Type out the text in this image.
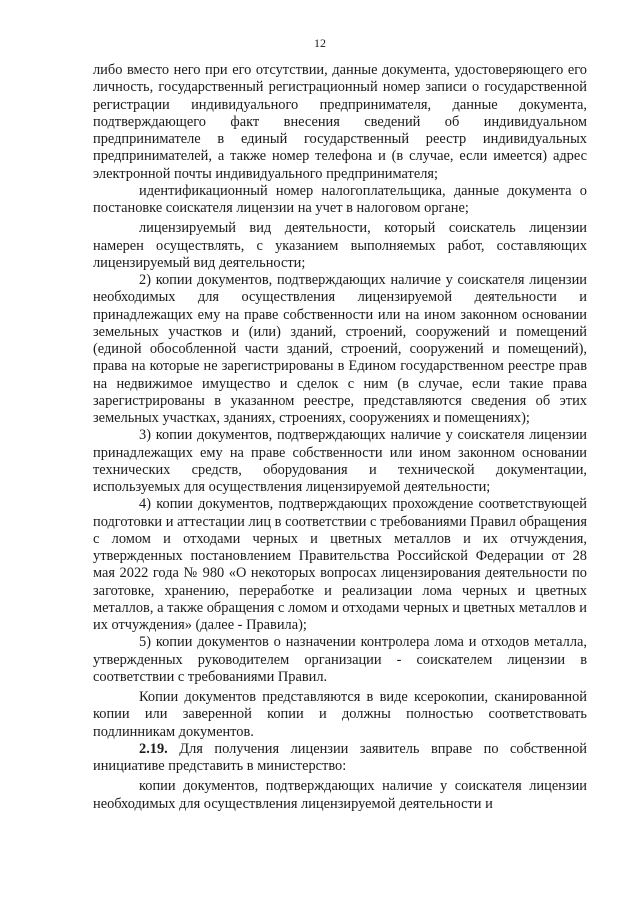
12

либо вместо него при его отсутствии, данные документа, удостоверяющего его личность, государственный регистрационный номер записи о государственной регистрации индивидуального предпринимателя, данные документа, подтверждающего факт внесения сведений об индивидуальном предпринимателе в единый государственный реестр индивидуальных предпринимателей, а также номер телефона и (в случае, если имеется) адрес электронной почты индивидуального предпринимателя;

идентификационный номер налогоплательщика, данные документа о постановке соискателя лицензии на учет в налоговом органе;

лицензируемый вид деятельности, который соискатель лицензии намерен осуществлять, с указанием выполняемых работ, составляющих лицензируемый вид деятельности;

2) копии документов, подтверждающих наличие у соискателя лицензии необходимых для осуществления лицензируемой деятельности и принадлежащих ему на праве собственности или на ином законном основании земельных участков и (или) зданий, строений, сооружений и помещений (единой обособленной части зданий, строений, сооружений и помещений), права на которые не зарегистрированы в Едином государственном реестре прав на недвижимое имущество и сделок с ним (в случае, если такие права зарегистрированы в указанном реестре, представляются сведения об этих земельных участках, зданиях, строениях, сооружениях и помещениях);

3) копии документов, подтверждающих наличие у соискателя лицензии принадлежащих ему на праве собственности или ином законном основании технических средств, оборудования и технической документации, используемых для осуществления лицензируемой деятельности;

4) копии документов, подтверждающих прохождение соответствующей подготовки и аттестации лиц в соответствии с требованиями Правил обращения с ломом и отходами черных и цветных металлов и их отчуждения, утвержденных постановлением Правительства Российской Федерации от 28 мая 2022 года № 980 «О некоторых вопросах лицензирования деятельности по заготовке, хранению, переработке и реализации лома черных и цветных металлов, а также обращения с ломом и отходами черных и цветных металлов и их отчуждения» (далее - Правила);

5) копии документов о назначении контролера лома и отходов металла, утвержденных руководителем организации - соискателем лицензии в соответствии с требованиями Правил.

Копии документов представляются в виде ксерокопии, сканированной копии или заверенной копии и должны полностью соответствовать подлинникам документов.

2.19. Для получения лицензии заявитель вправе по собственной инициативе представить в министерство:

копии документов, подтверждающих наличие у соискателя лицензии необходимых для осуществления лицензируемой деятельности и
